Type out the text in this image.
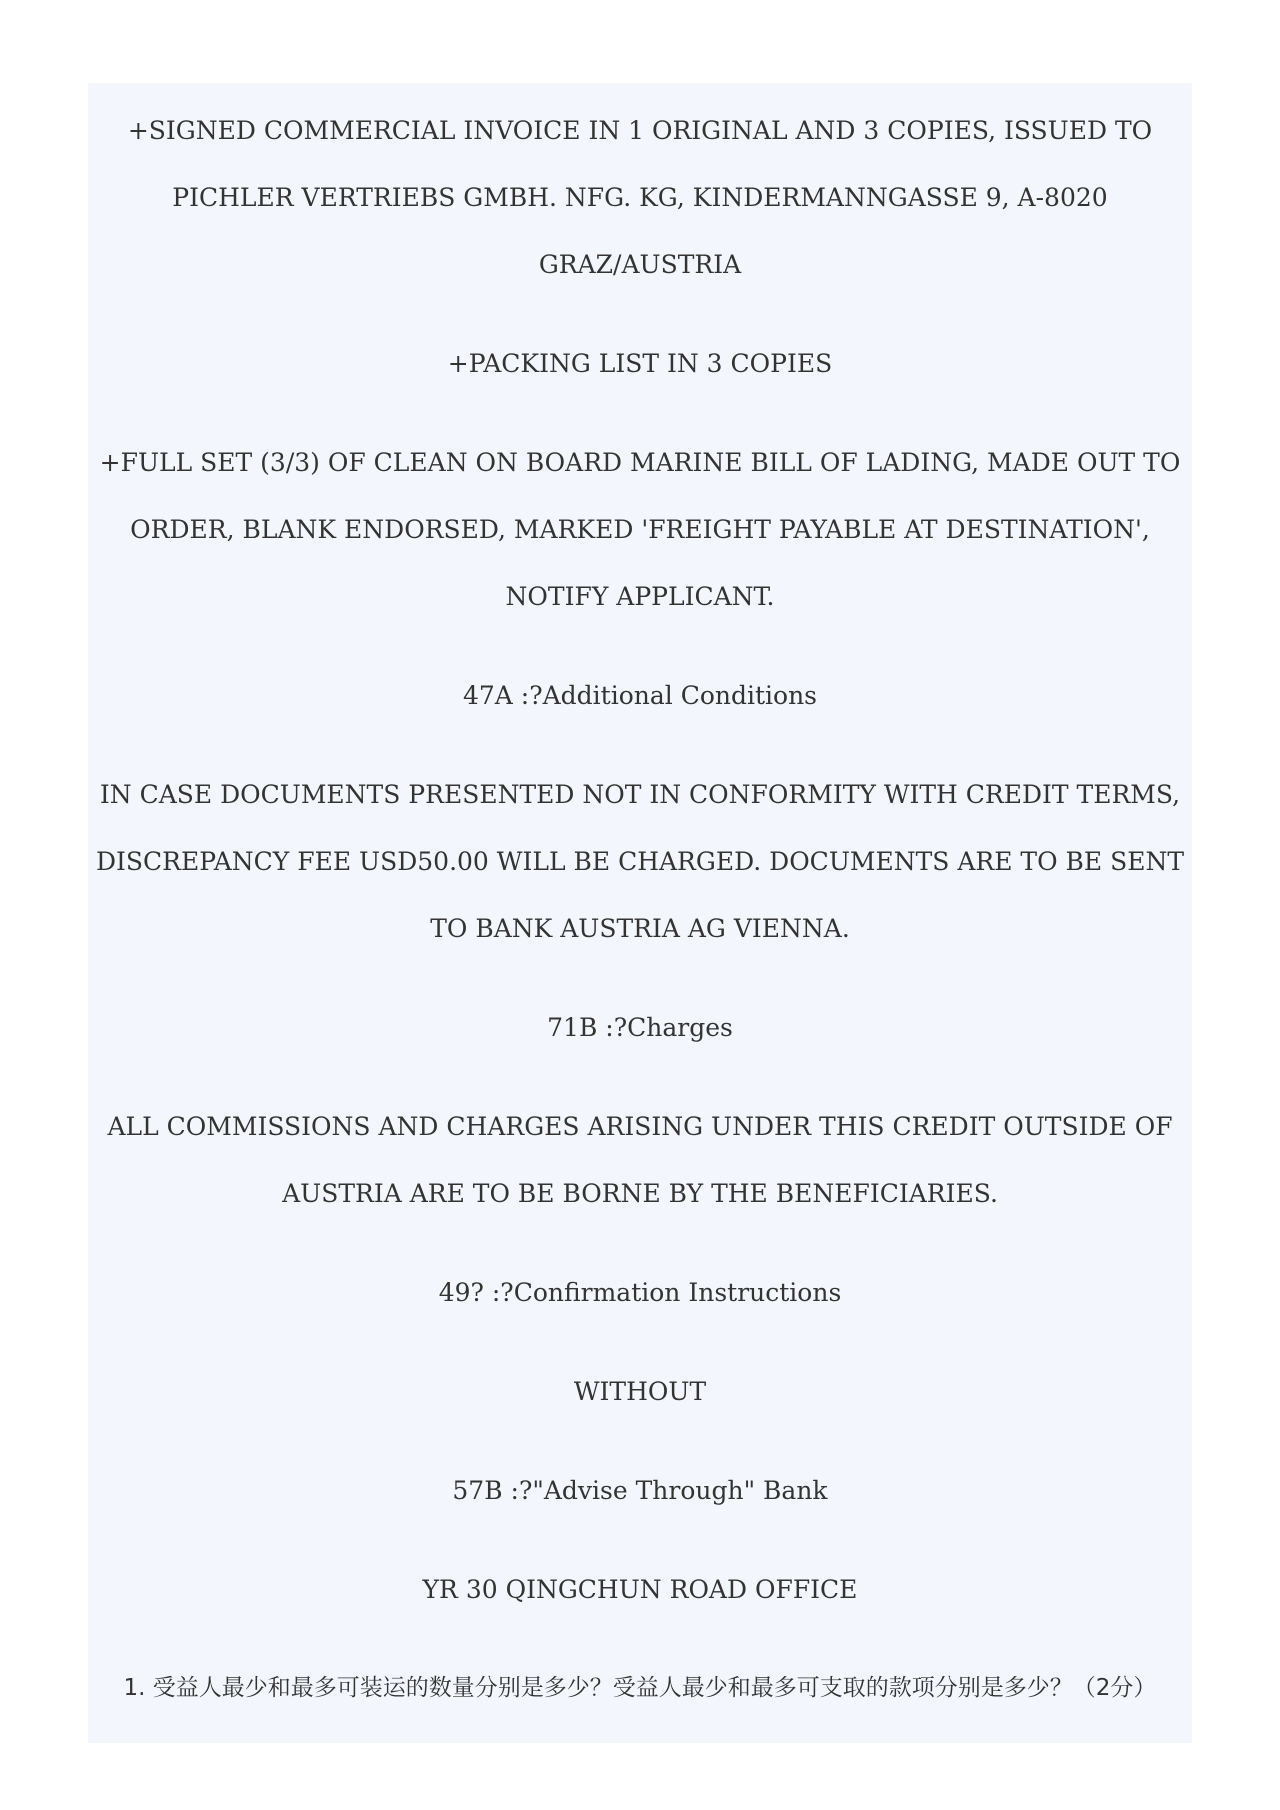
+SIGNED COMMERCIAL INVOICE IN 1 ORIGINAL AND 3 COPIES, ISSUED TO PICHLER VERTRIEBS GMBH. NFG. KG, KINDERMANNGASSE 9, A-8020 GRAZ/AUSTRIA

+PACKING LIST IN 3 COPIES

+FULL SET (3/3) OF CLEAN ON BOARD MARINE BILL OF LADING, MADE OUT TO ORDER, BLANK ENDORSED, MARKED 'FREIGHT PAYABLE AT DESTINATION', NOTIFY APPLICANT.

47A :?Additional Conditions

IN CASE DOCUMENTS PRESENTED NOT IN CONFORMITY WITH CREDIT TERMS, DISCREPANCY FEE USD50.00 WILL BE CHARGED. DOCUMENTS ARE TO BE SENT TO BANK AUSTRIA AG VIENNA.

71B :?Charges

ALL COMMISSIONS AND CHARGES ARISING UNDER THIS CREDIT OUTSIDE OF AUSTRIA ARE TO BE BORNE BY THE BENEFICIARIES.

49? :?Confirmation Instructions

WITHOUT

57B :?"Advise Through" Bank

YR 30 QINGCHUN ROAD OFFICE

1. 受益人最少和最多可装运的数量分别是多少？受益人最少和最多可支取的款项分别是多少？（2分）
